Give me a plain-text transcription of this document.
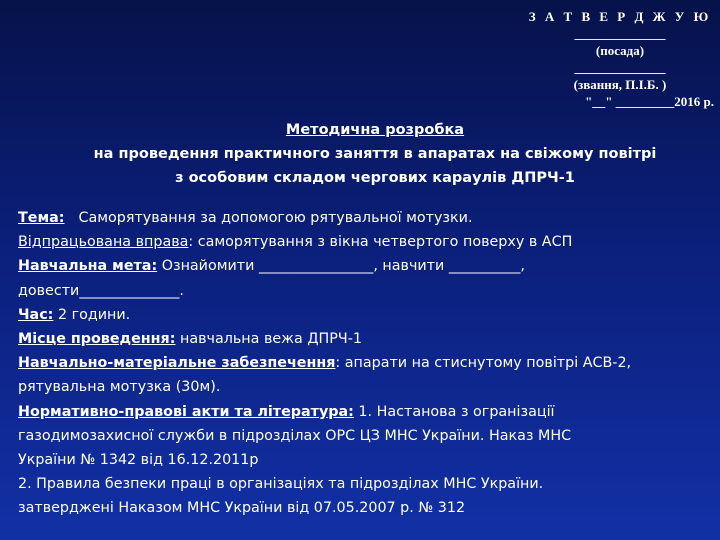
З А Т В Е Р Д Ж У Ю
______________
(посада)
______________
(звання, П.І.Б. )
"__" _________2016 р.
Методична розробка
на проведення практичного заняття в апаратах на свіжому повітрі
з особовим складом чергових караулів ДПРЧ-1
Тема: Саморятування за допомогою рятувальної мотузки.
Відпрацьована вправа: саморятування з вікна четвертого поверху в АСП
Навчальна мета: Ознайомити ________________, навчити __________,
довести______________.
Час: 2 години.
Місце проведення: навчальна вежа ДПРЧ-1
Навчально-матеріальне забезпечення: апарати на стиснутому повітрі АСВ-2,
рятувальна мотузка (30м).
Нормативно-правові акти та література: 1. Настанова з огранізації
газодимозахисної служби в підрозділах ОРС ЦЗ МНС України. Наказ МНС
України № 1342 від 16.12.2011р
2. Правила безпеки праці в організаціях та підрозділах МНС України.
затверджені Наказом МНС України від 07.05.2007 р. № 312
